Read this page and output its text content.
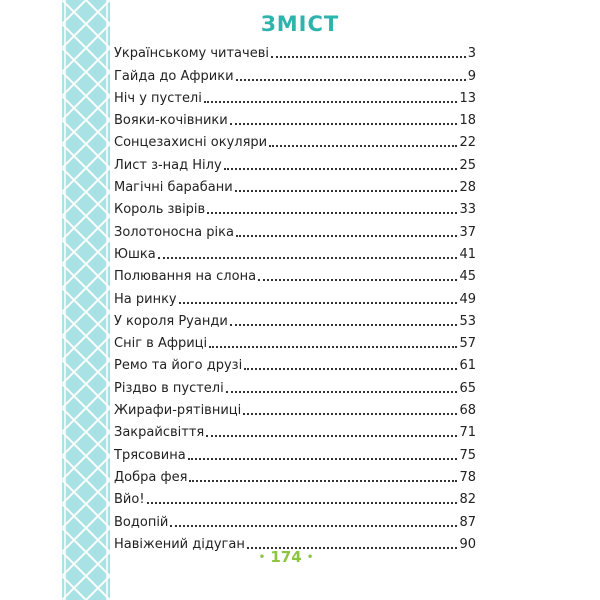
ЗМІСТ
Українському читачеві	3
Гайда до Африки	9
Ніч у пустелі	13
Вояки-кочівники	18
Сонцезахисні окуляри	22
Лист з-над Нілу	25
Магічні барабани	28
Король звірів	33
Золотоносна ріка	37
Юшка	41
Полювання на слона	45
На ринку	49
У короля Руанди	53
Сніг в Африці	57
Ремо та його друзі	61
Різдво в пустелі	65
Жирафи-рятівниці	68
Закрайсвіття	71
Трясовина	75
Добра фея	78
Вйо!	82
Водопій	87
Навіжений дідуган	90
• 174 •
